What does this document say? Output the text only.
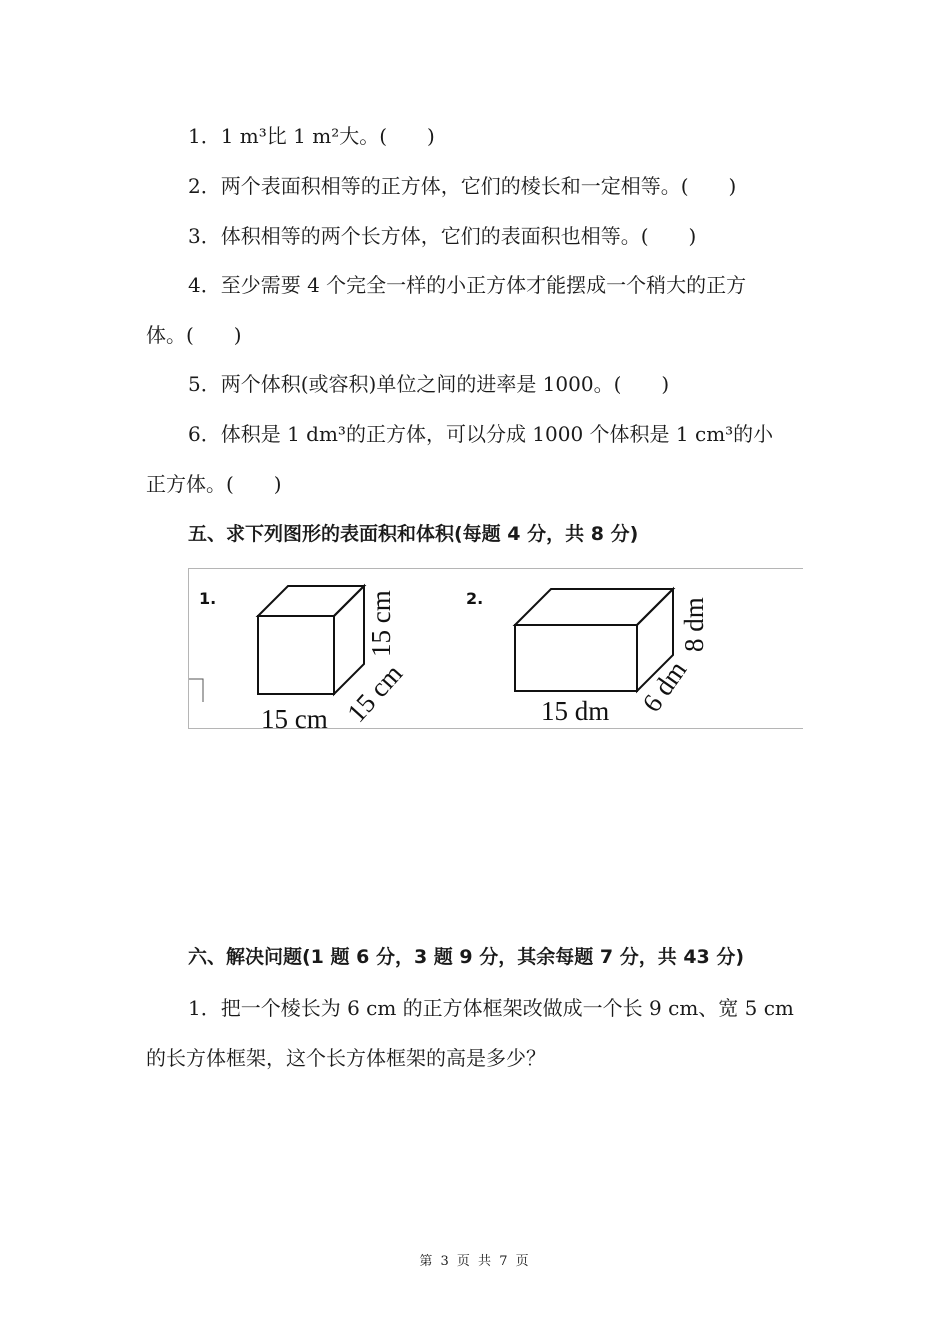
1．1 m³比 1 m²大。(　　)
2．两个表面积相等的正方体，它们的棱长和一定相等。(　　)
3．体积相等的两个长方体，它们的表面积也相等。(　　)
4．至少需要 4 个完全一样的小正方体才能摆成一个稍大的正方
体。(　　)
5．两个体积(或容积)单位之间的进率是 1000。(　　)
6．体积是 1 dm³的正方体，可以分成 1000 个体积是 1 cm³的小
正方体。(　　)
五、求下列图形的表面积和体积(每题 4 分，共 8 分)
1.
15 cm 15 cm
15 cm	2.
15 dm 6 dm
8 dm
六、解决问题(1 题 6 分，3 题 9 分，其余每题 7 分，共 43 分)
1．把一个棱长为 6 cm 的正方体框架改做成一个长 9 cm、宽 5 cm
的长方体框架，这个长方体框架的高是多少？
第 3 页 共 7 页
